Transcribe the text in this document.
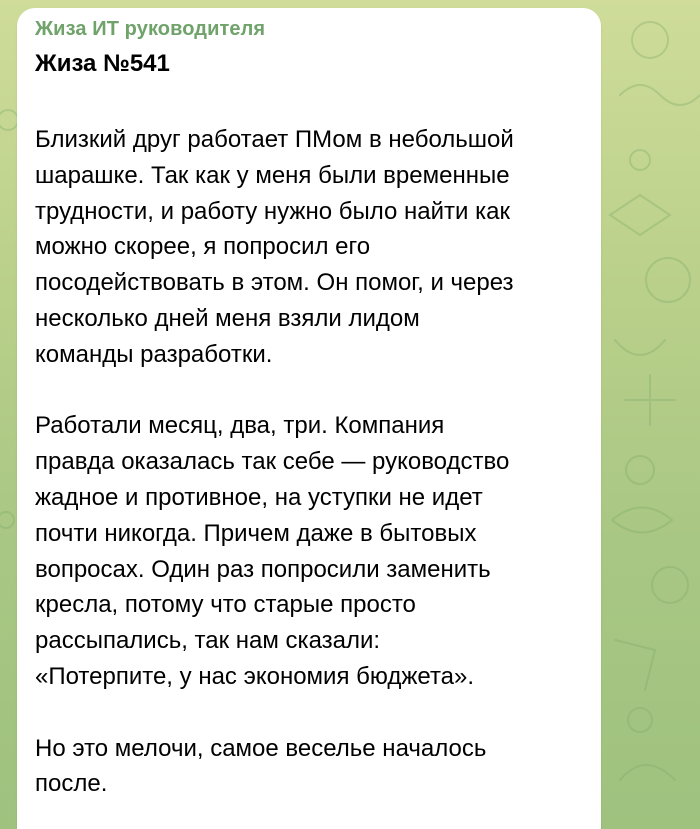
Жиза ИТ руководителя
Жиза №541

Близкий друг работает ПМом в небольшой
шарашке. Так как у меня были временные
трудности, и работу нужно было найти как
можно скорее, я попросил его
посодействовать в этом. Он помог, и через
несколько дней меня взяли лидом
команды разработки.

Работали месяц, два, три. Компания
правда оказалась так себе — руководство
жадное и противное, на уступки не идет
почти никогда. Причем даже в бытовых
вопросах. Один раз попросили заменить
кресла, потому что старые просто
рассыпались, так нам сказали:
«Потерпите, у нас экономия бюджета».

Но это мелочи, самое веселье началось
после.
